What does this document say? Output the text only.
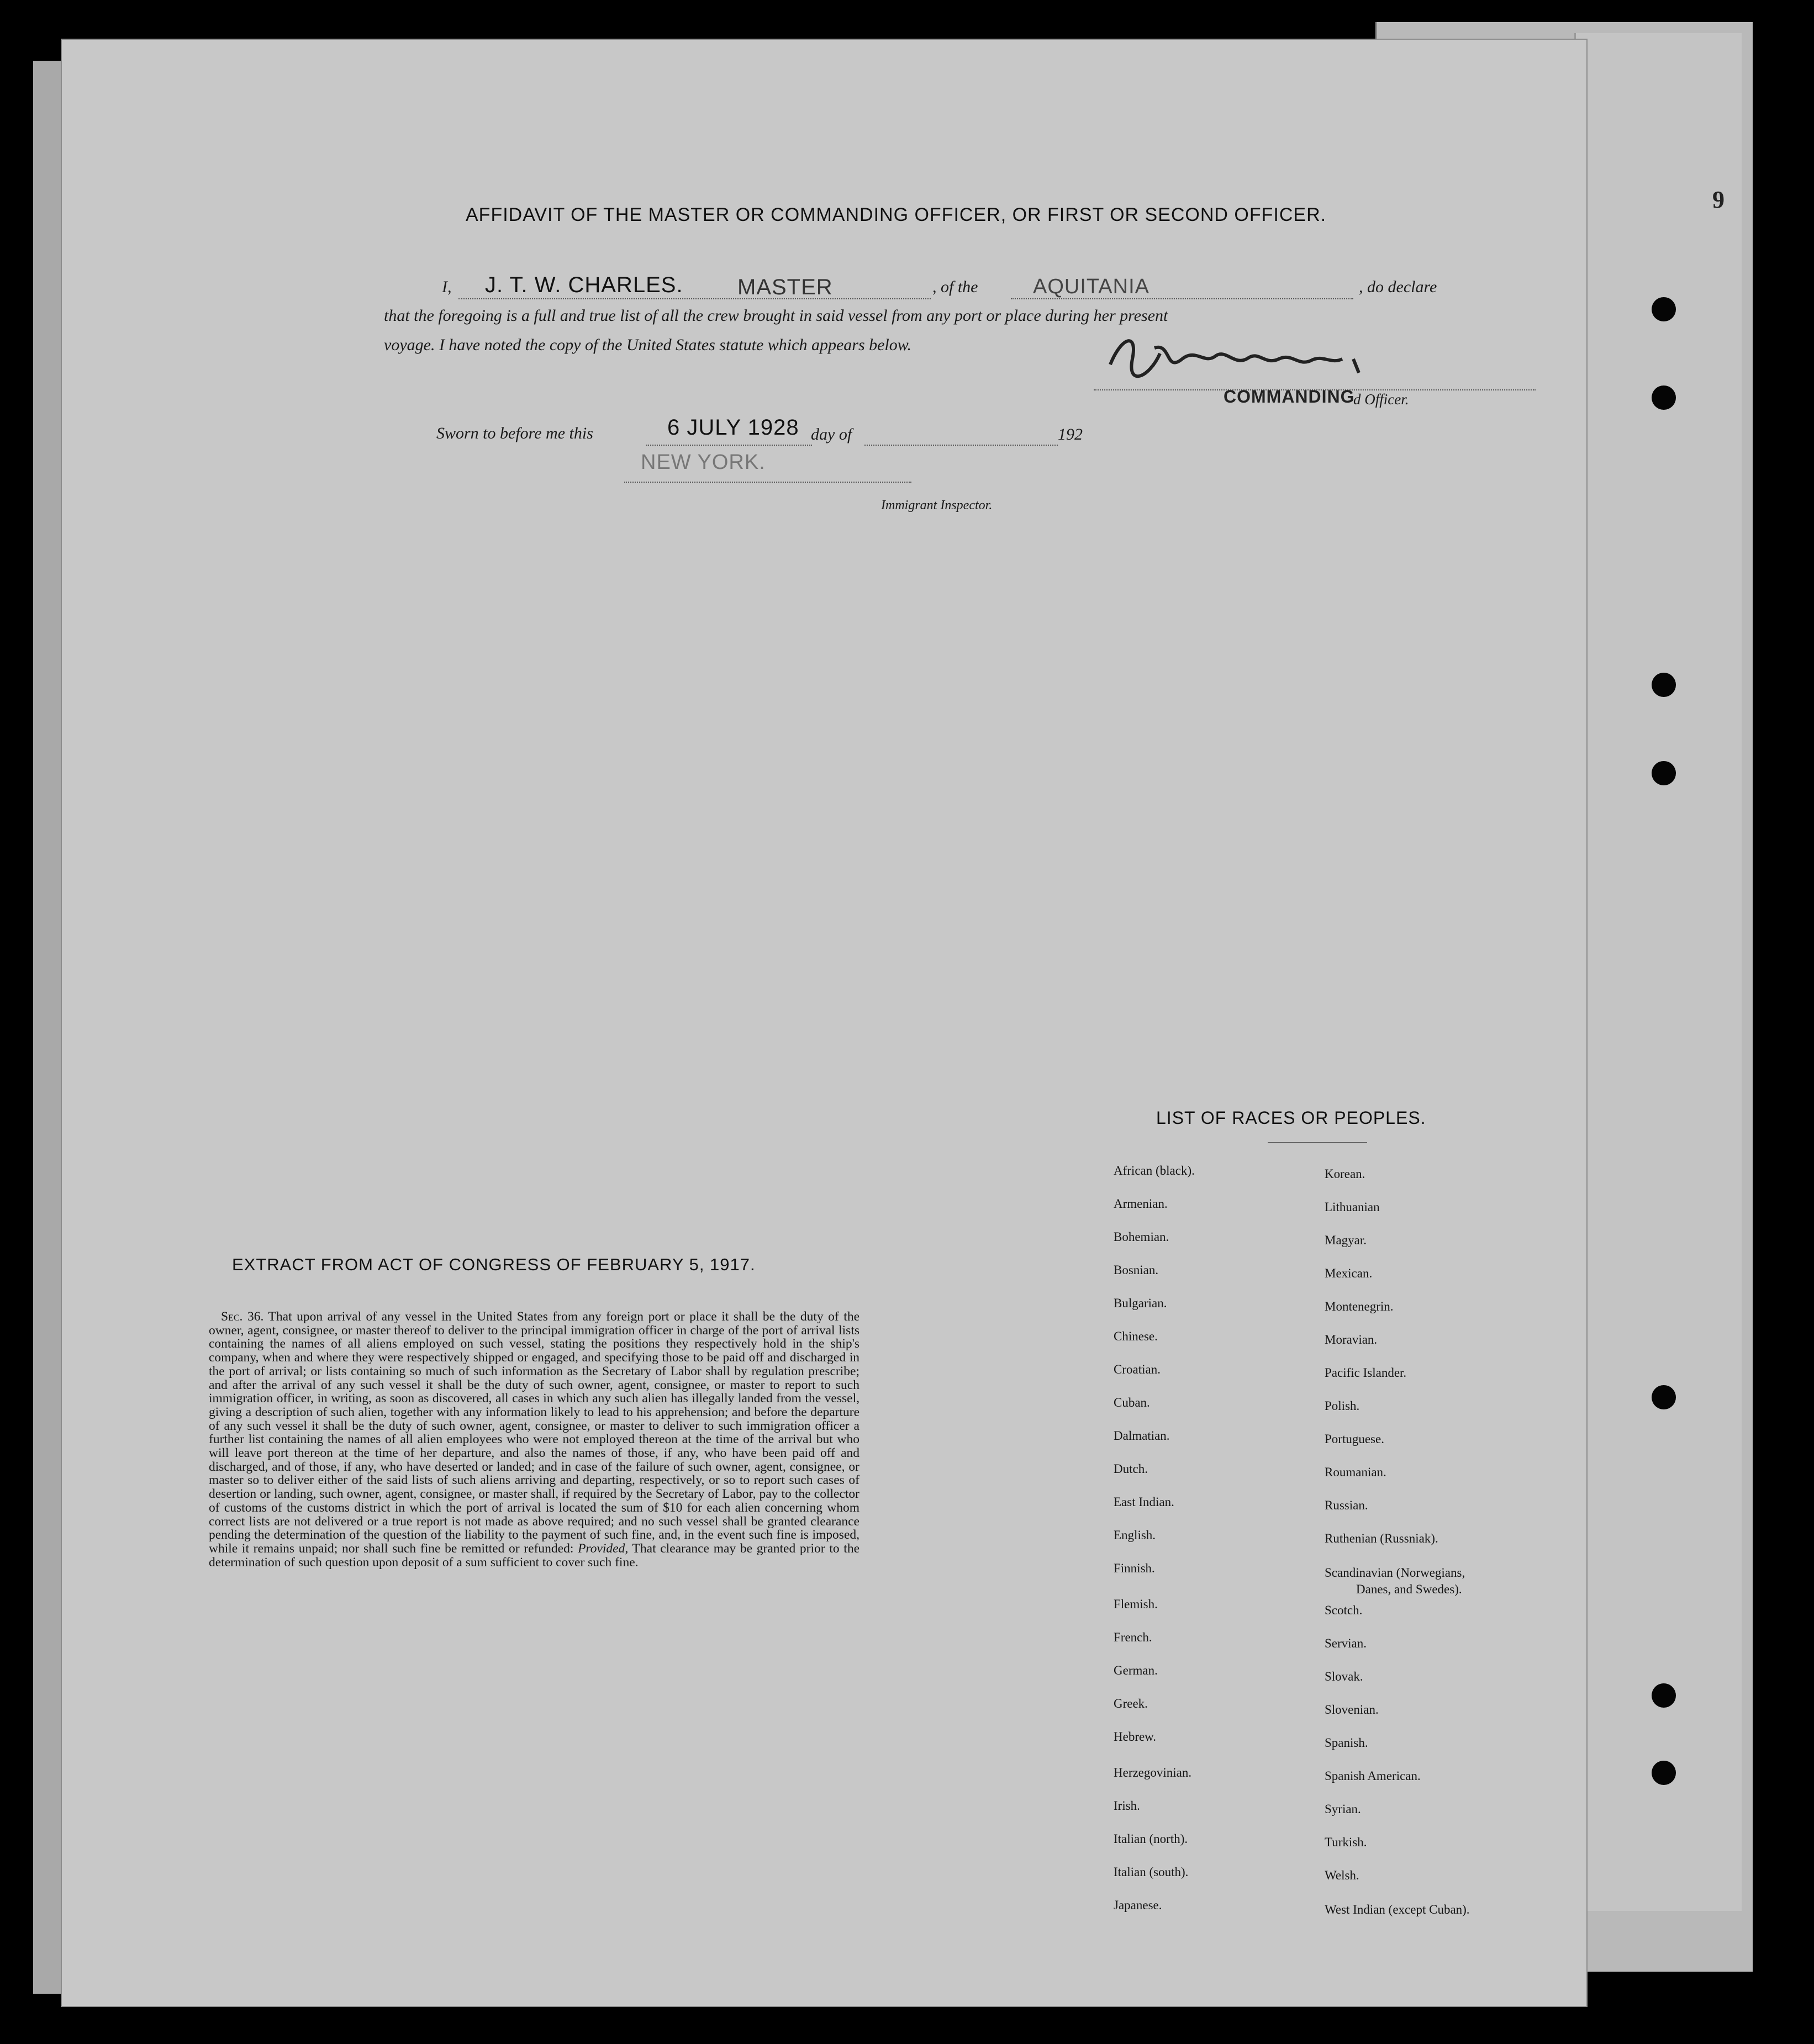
9
AFFIDAVIT OF THE MASTER OR COMMANDING OFFICER, OR FIRST OR SECOND OFFICER.
I, J. T. W. CHARLES. MASTER	, of the	AQUITANIA	, do declare
that the foregoing is a full and true list of all the crew brought in said vessel from any port or place during her present
voyage. I have noted the copy of the United States statute which appears below.
COMMANDING
d Officer.
Sworn to before me this	6 JULY 1928 day of	192
NEW YORK.
Immigrant Inspector.
EXTRACT FROM ACT OF CONGRESS OF FEBRUARY 5, 1917.
Sec. 36. That upon arrival of any vessel in the United States from any foreign port or place it shall be the duty of the owner, agent, consignee, or master thereof to deliver to the principal immigration officer in charge of the port of arrival lists containing the names of all aliens employed on such vessel, stating the positions they respectively hold in the ship's company, when and where they were respectively shipped or engaged, and specifying those to be paid off and discharged in the port of arrival; or lists containing so much of such information as the Secretary of Labor shall by regulation prescribe; and after the arrival of any such vessel it shall be the duty of such owner, agent, consignee, or master to report to such immigration officer, in writing, as soon as discovered, all cases in which any such alien has illegally landed from the vessel, giving a description of such alien, together with any information likely to lead to his apprehension; and before the departure of any such vessel it shall be the duty of such owner, agent, consignee, or master to deliver to such immigration officer a further list containing the names of all alien employees who were not employed thereon at the time of the arrival but who will leave port thereon at the time of her departure, and also the names of those, if any, who have been paid off and discharged, and of those, if any, who have deserted or landed; and in case of the failure of such owner, agent, consignee, or master so to deliver either of the said lists of such aliens arriving and departing, respectively, or so to report such cases of desertion or landing, such owner, agent, consignee, or master shall, if required by the Secretary of Labor, pay to the collector of customs of the customs district in which the port of arrival is located the sum of $10 for each alien concerning whom correct lists are not delivered or a true report is not made as above required; and no such vessel shall be granted clearance pending the determination of the question of the liability to the payment of such fine, and, in the event such fine is imposed, while it remains unpaid; nor shall such fine be remitted or refunded: Provided, That clearance may be granted prior to the determination of such question upon deposit of a sum sufficient to cover such fine.
LIST OF RACES OR PEOPLES.
African (black).
Armenian.
Bohemian.
Bosnian.
Bulgarian.
Chinese.
Croatian.
Cuban.
Dalmatian.
Dutch.
East Indian.
English.
Finnish.
Flemish.
French.
German.
Greek.
Hebrew.
Herzegovinian.
Irish.
Italian (north).
Italian (south).
Japanese.
Korean.
Lithuanian
Magyar.
Mexican.
Montenegrin.
Moravian.
Pacific Islander.
Polish.
Portuguese.
Roumanian.
Russian.
Ruthenian (Russniak).
Scandinavian (Norwegians,
Danes, and Swedes).
Scotch.
Servian.
Slovak.
Slovenian.
Spanish.
Spanish American.
Syrian.
Turkish.
Welsh.
West Indian (except Cuban).
